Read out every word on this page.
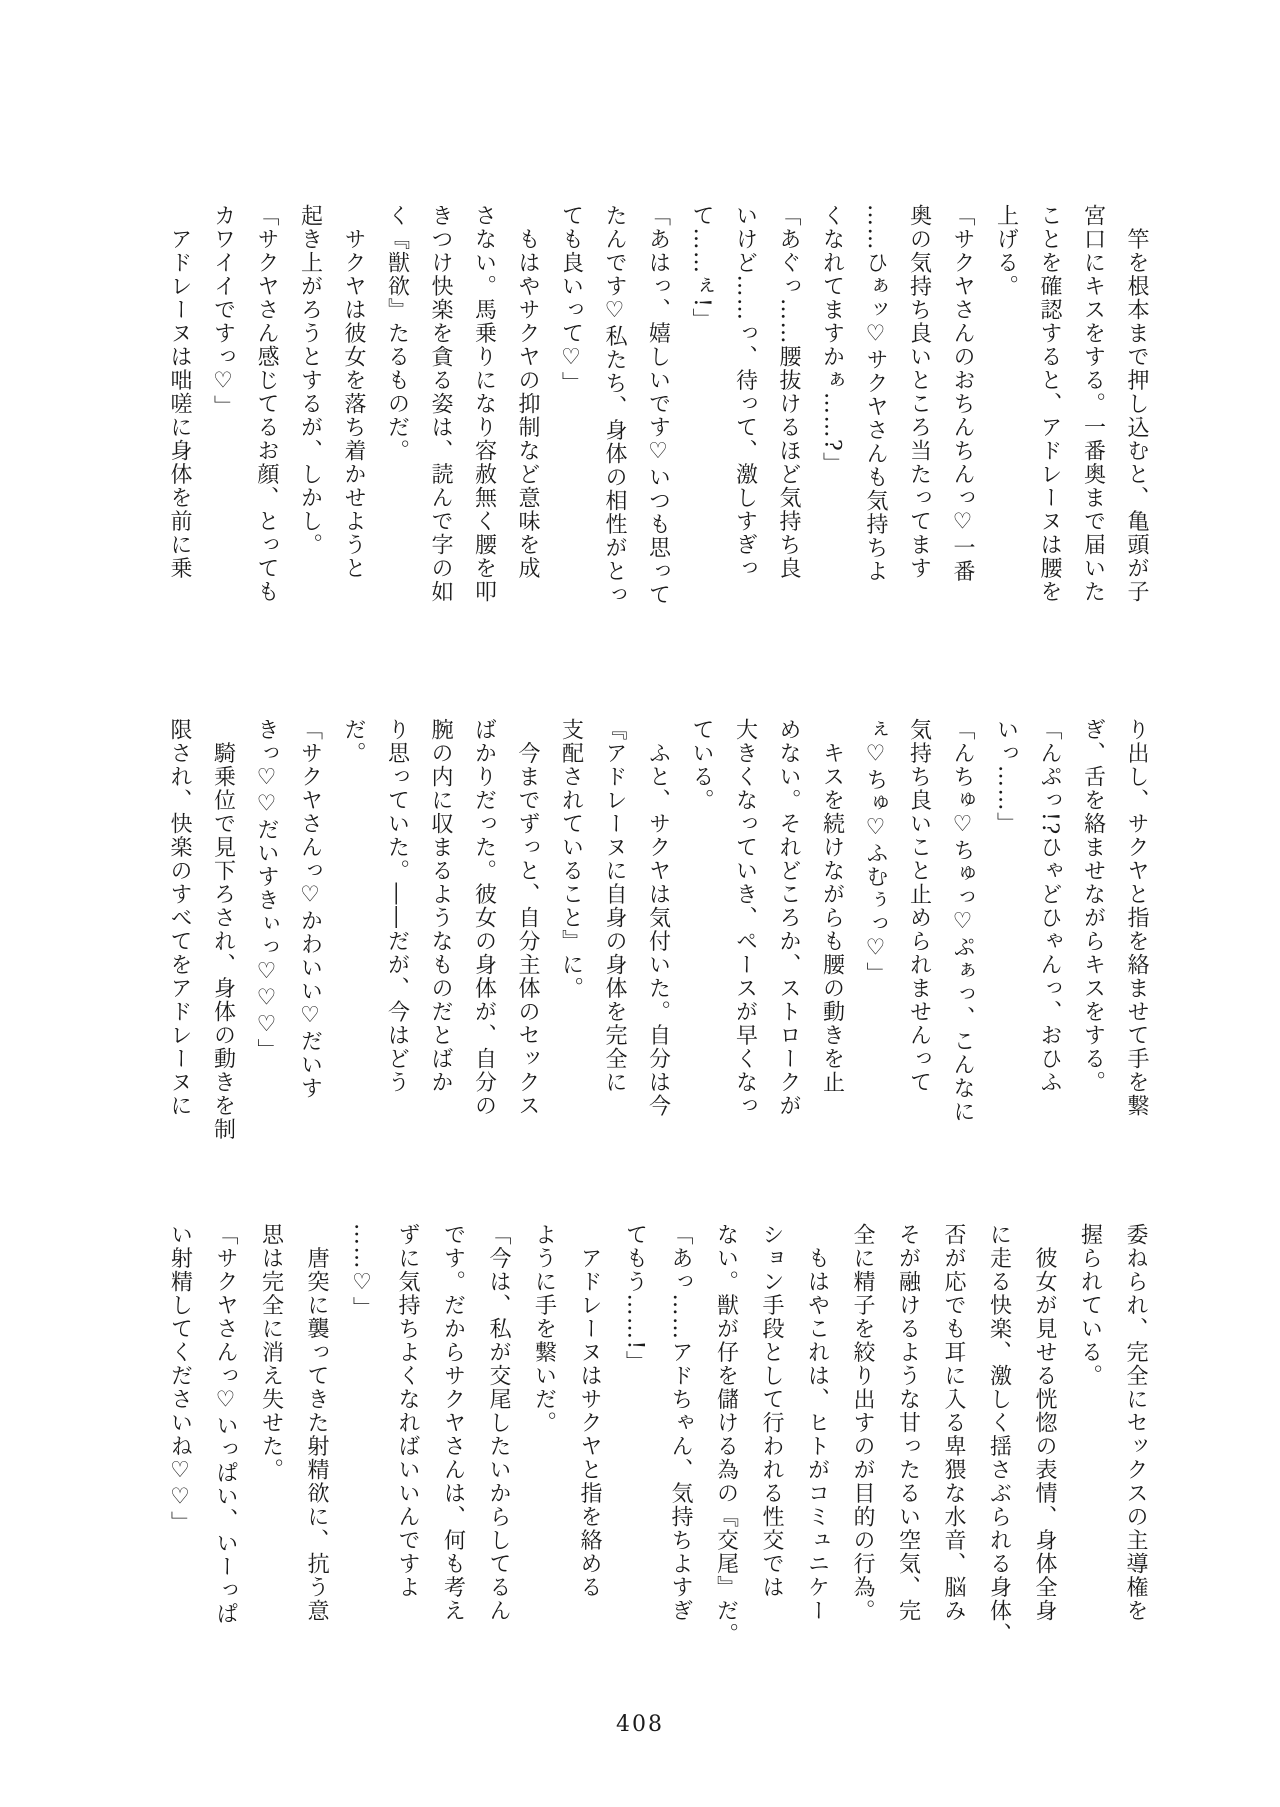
　竿を根本まで押し込むと、亀頭が子

宮口にキスをする。一番奥まで届いた

ことを確認すると、アドレーヌは腰を

上げる。

「サクヤさんのおちんちんっ♡一番

奥の気持ち良いところ当たってます

……ひぁッ♡サクヤさんも気持ちよ

くなれてますかぁ……?」

「あぐっ……腰抜けるほど気持ち良

いけど……っ、待って、激しすぎっ

て……ぇ!」

「あはっ、嬉しいです♡いつも思って

たんです♡私たち、身体の相性がとっ

ても良いって♡」

　もはやサクヤの抑制など意味を成

さない。馬乗りになり容赦無く腰を叩

きつけ快楽を貪る姿は、読んで字の如

く『獣欲』たるものだ。

　サクヤは彼女を落ち着かせようと

起き上がろうとするが、しかし。

「サクヤさん感じてるお顔、とっても

カワイイですっ♡」

　アドレーヌは咄嗟に身体を前に乗

り出し、サクヤと指を絡ませて手を繋

ぎ、舌を絡ませながらキスをする。

「んぷっ!?ひゃどひゃんっ、おひふ

いっ……」

「んちゅ♡ちゅっ♡ぷぁっ、こんなに

気持ち良いこと止められませんって

ぇ♡ちゅ♡ふむぅっ♡」

　キスを続けながらも腰の動きを止

めない。それどころか、ストロークが

大きくなっていき、ペースが早くなっ

ている。

　ふと、サクヤは気付いた。自分は今

『アドレーヌに自身の身体を完全に

支配されていること』に。

　今までずっと、自分主体のセックス

ばかりだった。彼女の身体が、自分の

腕の内に収まるようなものだとばか

り思っていた。――だが、今はどう

だ。

「サクヤさんっ♡かわいい♡だいす

きっ♡♡だいすきぃっ♡♡♡」

　騎乗位で見下ろされ、身体の動きを制

限され、快楽のすべてをアドレーヌに

委ねられ、完全にセックスの主導権を

握られている。

　彼女が見せる恍惚の表情、身体全身

に走る快楽、激しく揺さぶられる身体、

否が応でも耳に入る卑猥な水音、脳み

そが融けるような甘ったるい空気、完

全に精子を絞り出すのが目的の行為。

　もはやこれは、ヒトがコミュニケー

ション手段として行われる性交では

ない。獣が仔を儲ける為の『交尾』だ。

「あっ……アドちゃん、気持ちよすぎ

てもう……!」

　アドレーヌはサクヤと指を絡める

ように手を繋いだ。

「今は、私が交尾したいからしてるん

です。だからサクヤさんは、何も考え

ずに気持ちよくなればいいんですよ

……♡」

　唐突に襲ってきた射精欲に、抗う意

思は完全に消え失せた。

「サクヤさんっ♡いっぱい、いーっぱ

い射精してくださいね♡♡」

408
